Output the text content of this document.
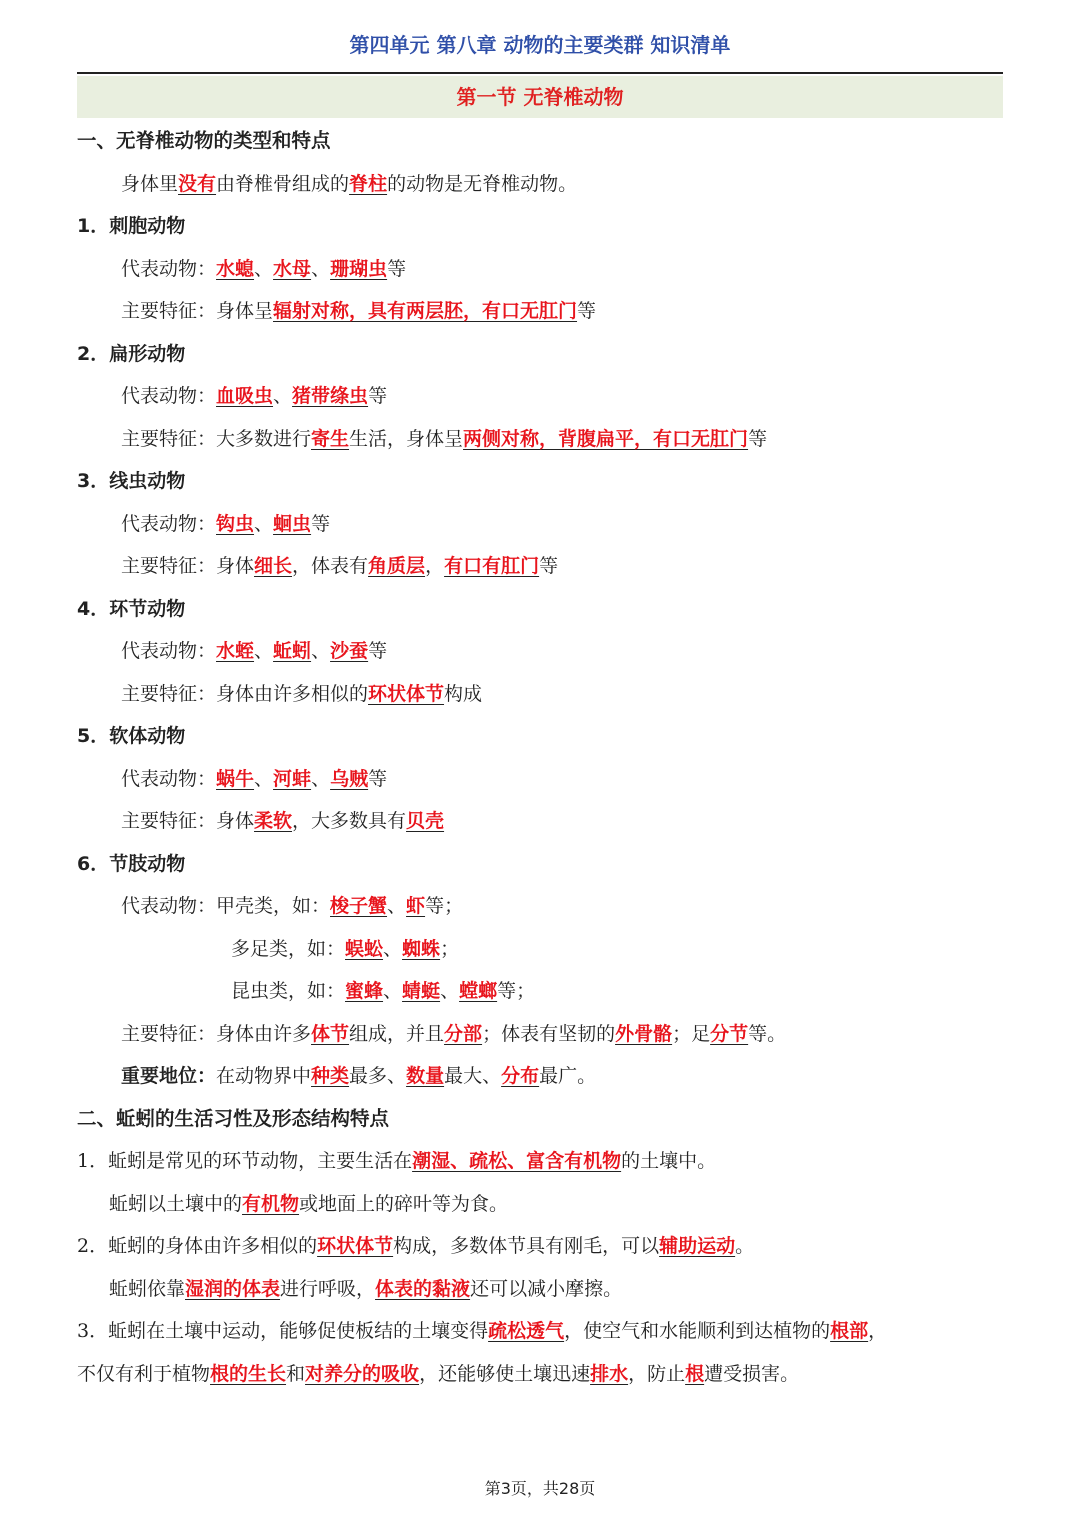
第四单元 第八章 动物的主要类群 知识清单
第一节 无脊椎动物
一、无脊椎动物的类型和特点
身体里没有由脊椎骨组成的脊柱的动物是无脊椎动物。
1．刺胞动物
代表动物：水螅、水母、珊瑚虫等
主要特征：身体呈辐射对称，具有两层胚，有口无肛门等
2．扁形动物
代表动物：血吸虫、猪带绦虫等
主要特征：大多数进行寄生生活，身体呈两侧对称，背腹扁平，有口无肛门等
3．线虫动物
代表动物：钩虫、蛔虫等
主要特征：身体细长，体表有角质层，有口有肛门等
4．环节动物
代表动物：水蛭、蚯蚓、沙蚕等
主要特征：身体由许多相似的环状体节构成
5．软体动物
代表动物：蜗牛、河蚌、乌贼等
主要特征：身体柔软，大多数具有贝壳
6．节肢动物
代表动物：甲壳类，如：梭子蟹、虾等；
多足类，如：蜈蚣、蜘蛛；
昆虫类，如：蜜蜂、蜻蜓、螳螂等；
主要特征：身体由许多体节组成，并且分部；体表有坚韧的外骨骼；足分节等。
重要地位：在动物界中种类最多、数量最大、分布最广。
二、蚯蚓的生活习性及形态结构特点
1．蚯蚓是常见的环节动物，主要生活在潮湿、疏松、富含有机物的土壤中。
蚯蚓以土壤中的有机物或地面上的碎叶等为食。
2．蚯蚓的身体由许多相似的环状体节构成，多数体节具有刚毛，可以辅助运动。
蚯蚓依靠湿润的体表进行呼吸，体表的黏液还可以减小摩擦。
3．蚯蚓在土壤中运动，能够促使板结的土壤变得疏松透气，使空气和水能顺利到达植物的根部，
不仅有利于植物根的生长和对养分的吸收，还能够使土壤迅速排水，防止根遭受损害。
第3页，共28页
